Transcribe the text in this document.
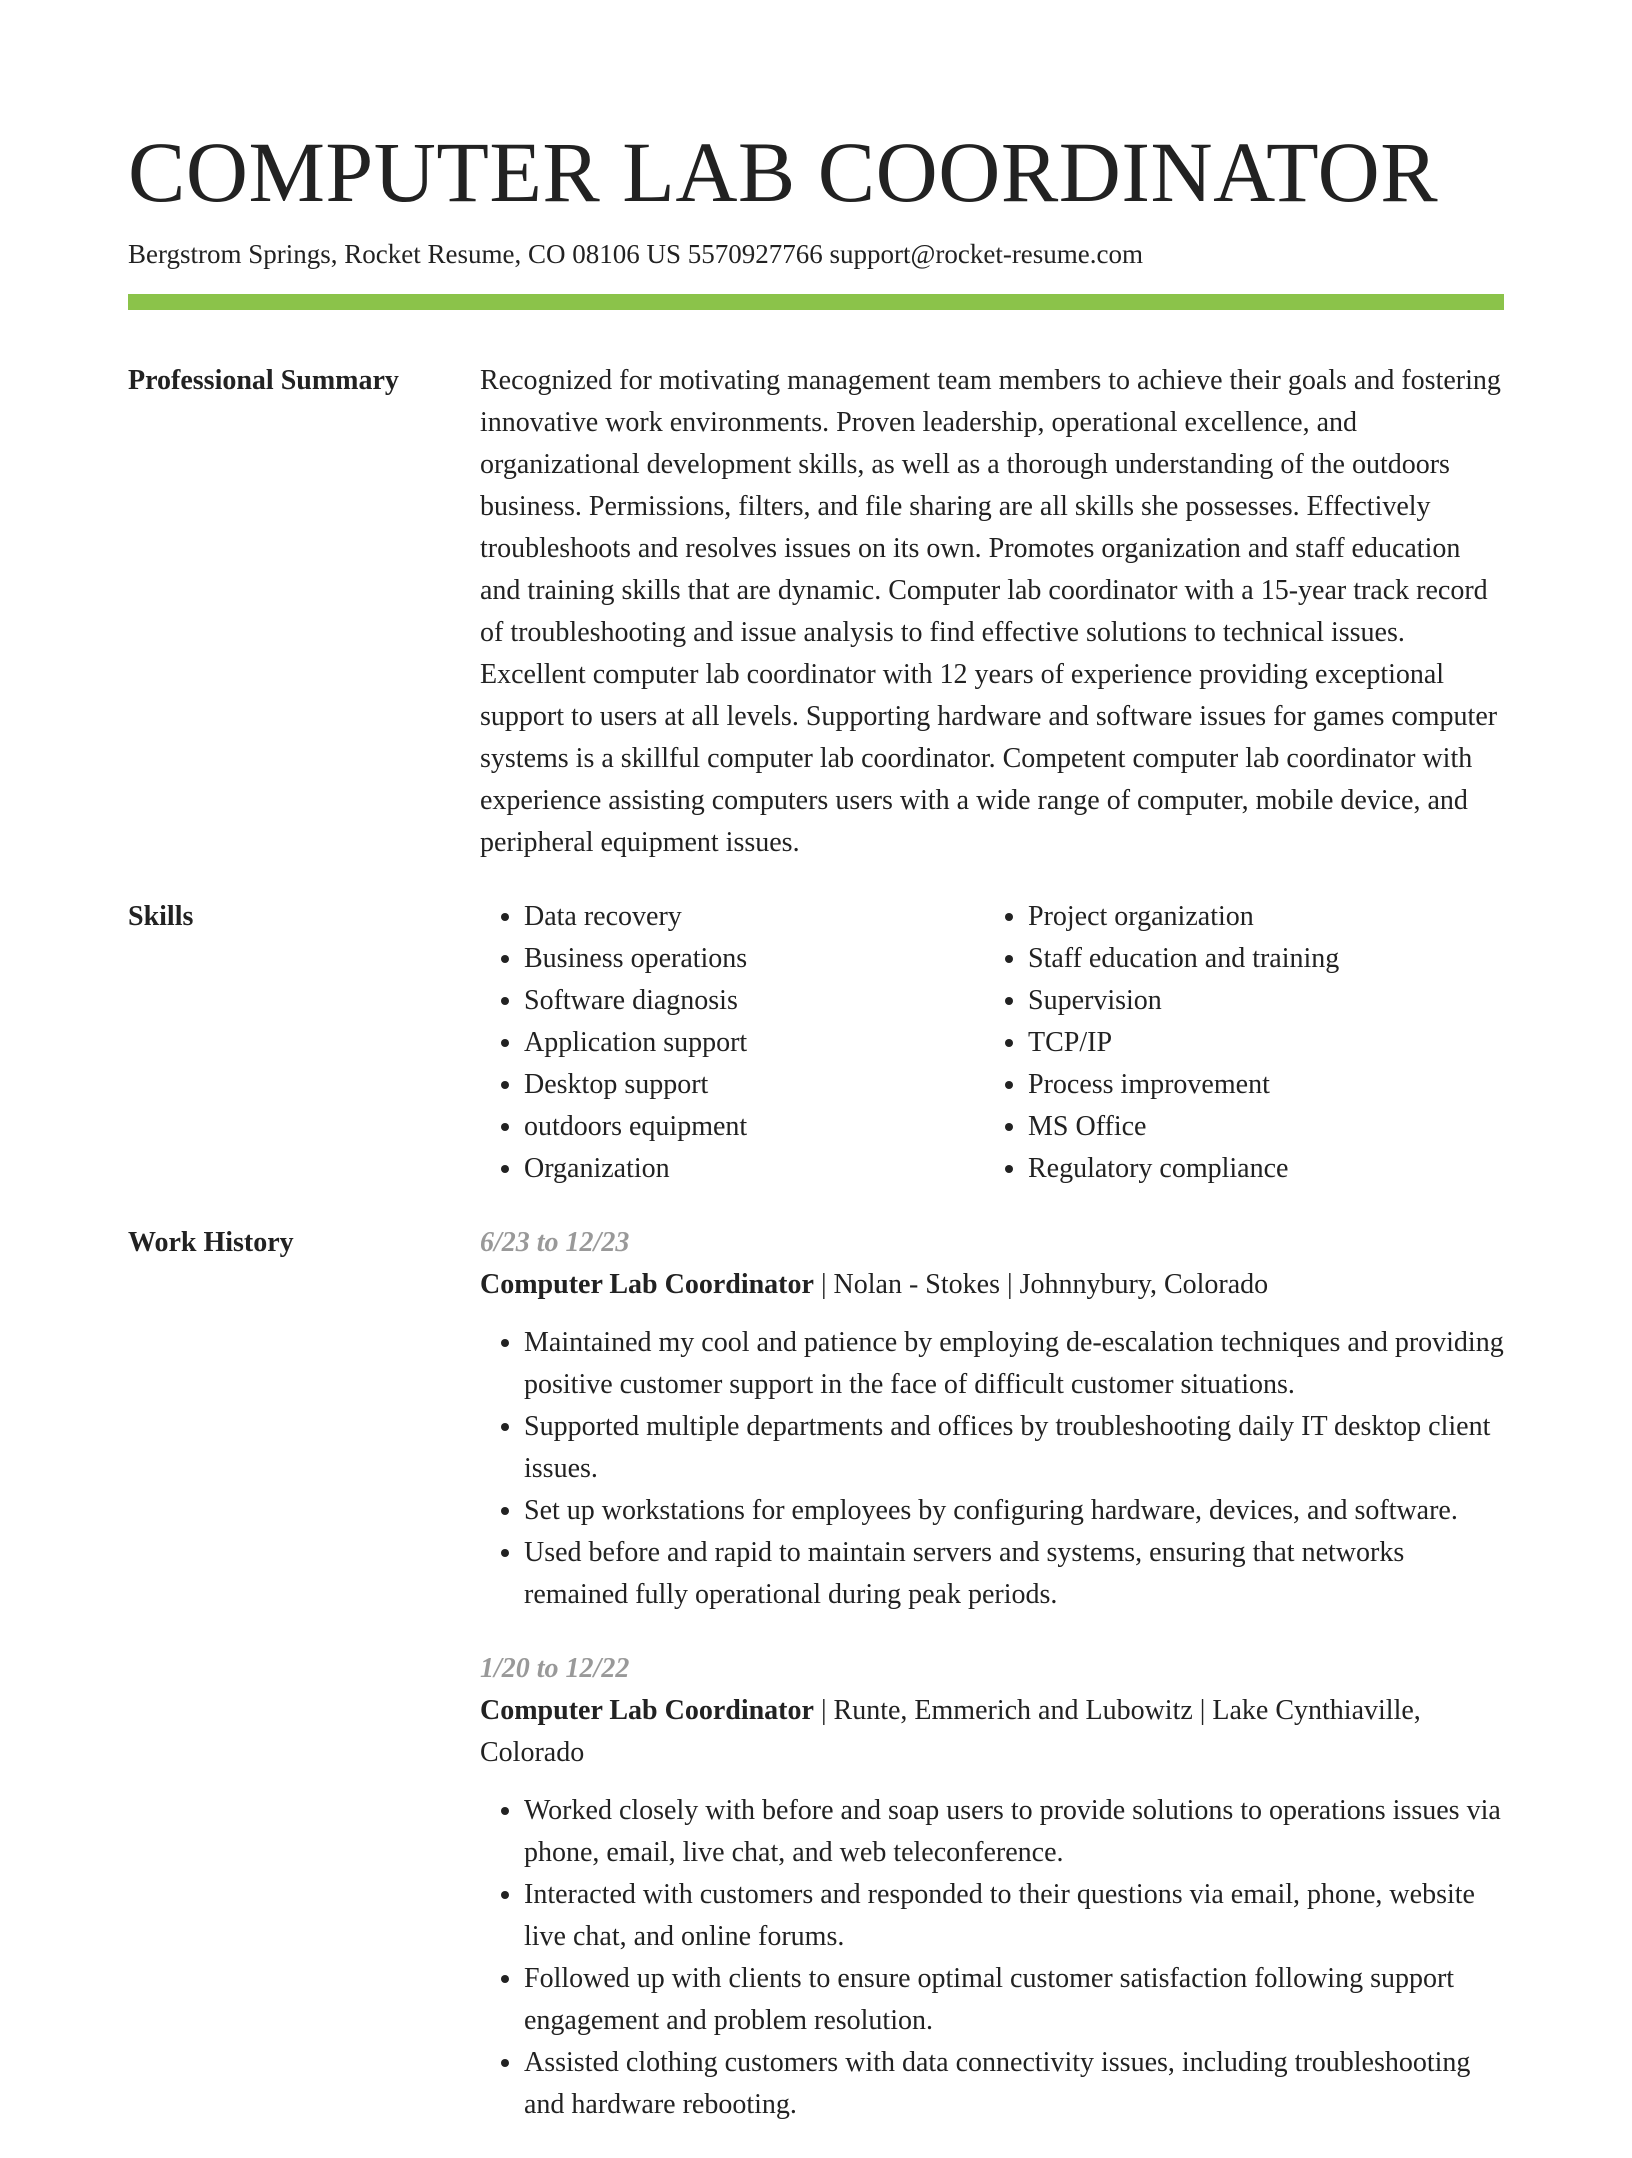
COMPUTER LAB COORDINATOR
Bergstrom Springs, Rocket Resume, CO 08106 US 5570927766 support@rocket-resume.com
Professional Summary	Recognized for motivating management team members to achieve their goals and fostering innovative work environments. Proven leadership, operational excellence, and organizational development skills, as well as a thorough understanding of the outdoors business. Permissions, filters, and file sharing are all skills she possesses. Effectively troubleshoots and resolves issues on its own. Promotes organization and staff education and training skills that are dynamic. Computer lab coordinator with a 15-year track record of troubleshooting and issue analysis to find effective solutions to technical issues. Excellent computer lab coordinator with 12 years of experience providing exceptional support to users at all levels. Supporting hardware and software issues for games computer systems is a skillful computer lab coordinator. Competent computer lab coordinator with experience assisting computers users with a wide range of computer, mobile device, and peripheral equipment issues.

Skills
•	Data recovery
• Business operations
• Software diagnosis
• Application support
• Desktop support
• outdoors equipment
• Organization
• Project organization
• Staff education and training
• Supervision
• TCP/IP
• Process improvement
• MS Office
• Regulatory compliance
Work History	6/23 to 12/23
Computer Lab Coordinator | Nolan - Stokes | Johnnybury, Colorado
• Maintained my cool and patience by employing de-escalation techniques and providing positive customer support in the face of difficult customer situations.
• Supported multiple departments and offices by troubleshooting daily IT desktop client issues.
• Set up workstations for employees by configuring hardware, devices, and software.
• Used before and rapid to maintain servers and systems, ensuring that networks remained fully operational during peak periods.
1/20 to 12/22
Computer Lab Coordinator | Runte, Emmerich and Lubowitz | Lake Cynthiaville, Colorado
• Worked closely with before and soap users to provide solutions to operations issues via phone, email, live chat, and web teleconference.
• Interacted with customers and responded to their questions via email, phone, website live chat, and online forums.
• Followed up with clients to ensure optimal customer satisfaction following support engagement and problem resolution.
• Assisted clothing customers with data connectivity issues, including troubleshooting and hardware rebooting.
